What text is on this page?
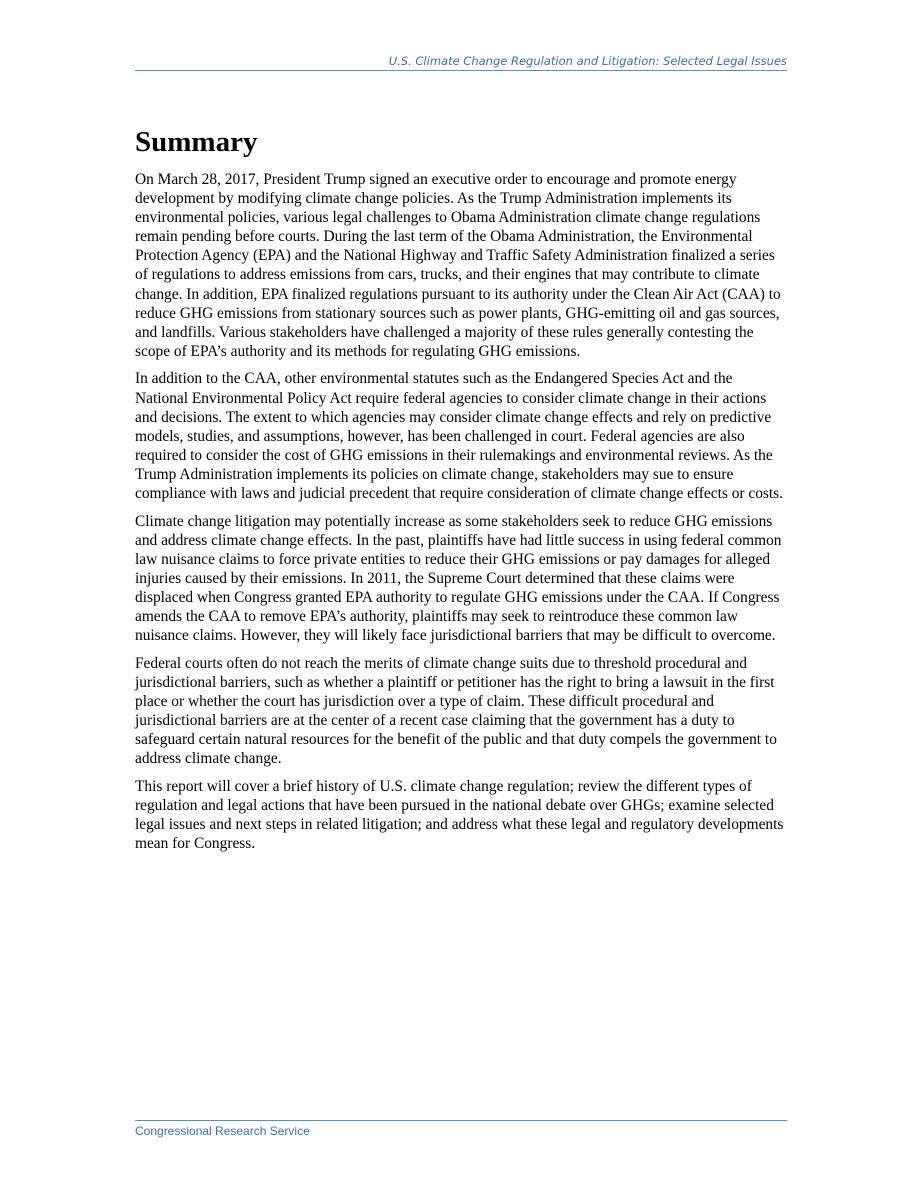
U.S. Climate Change Regulation and Litigation: Selected Legal Issues
Summary

On March 28, 2017, President Trump signed an executive order to encourage and promote energy development by modifying climate change policies. As the Trump Administration implements its environmental policies, various legal challenges to Obama Administration climate change regulations remain pending before courts. During the last term of the Obama Administration, the Environmental Protection Agency (EPA) and the National Highway and Traffic Safety Administration finalized a series of regulations to address emissions from cars, trucks, and their engines that may contribute to climate change. In addition, EPA finalized regulations pursuant to its authority under the Clean Air Act (CAA) to reduce GHG emissions from stationary sources such as power plants, GHG-emitting oil and gas sources, and landfills. Various stakeholders have challenged a majority of these rules generally contesting the scope of EPA’s authority and its methods for regulating GHG emissions.

In addition to the CAA, other environmental statutes such as the Endangered Species Act and the National Environmental Policy Act require federal agencies to consider climate change in their actions and decisions. The extent to which agencies may consider climate change effects and rely on predictive models, studies, and assumptions, however, has been challenged in court. Federal agencies are also required to consider the cost of GHG emissions in their rulemakings and environmental reviews. As the Trump Administration implements its policies on climate change, stakeholders may sue to ensure compliance with laws and judicial precedent that require consideration of climate change effects or costs.

Climate change litigation may potentially increase as some stakeholders seek to reduce GHG emissions and address climate change effects. In the past, plaintiffs have had little success in using federal common law nuisance claims to force private entities to reduce their GHG emissions or pay damages for alleged injuries caused by their emissions. In 2011, the Supreme Court determined that these claims were displaced when Congress granted EPA authority to regulate GHG emissions under the CAA. If Congress amends the CAA to remove EPA’s authority, plaintiffs may seek to reintroduce these common law nuisance claims. However, they will likely face jurisdictional barriers that may be difficult to overcome.

Federal courts often do not reach the merits of climate change suits due to threshold procedural and jurisdictional barriers, such as whether a plaintiff or petitioner has the right to bring a lawsuit in the first place or whether the court has jurisdiction over a type of claim. These difficult procedural and jurisdictional barriers are at the center of a recent case claiming that the government has a duty to safeguard certain natural resources for the benefit of the public and that duty compels the government to address climate change.

This report will cover a brief history of U.S. climate change regulation; review the different types of regulation and legal actions that have been pursued in the national debate over GHGs; examine selected legal issues and next steps in related litigation; and address what these legal and regulatory developments mean for Congress.

Congressional Research Service
